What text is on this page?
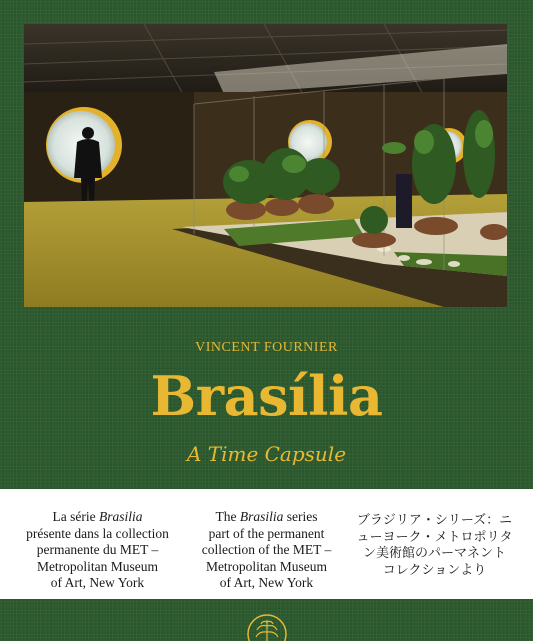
VINCENT FOURNIER
Brasília
A Time Capsule
La série Brasilia
présente dans la collection
permanente du MET –
Metropolitan Museum
of Art, New York
The Brasilia series
part of the permanent
collection of the MET –
Metropolitan Museum
of Art, New York
ブラジリア・シリーズ：ニ
ューヨーク・メトロポリタ
ン美術館のパーマネント
コレクションより
